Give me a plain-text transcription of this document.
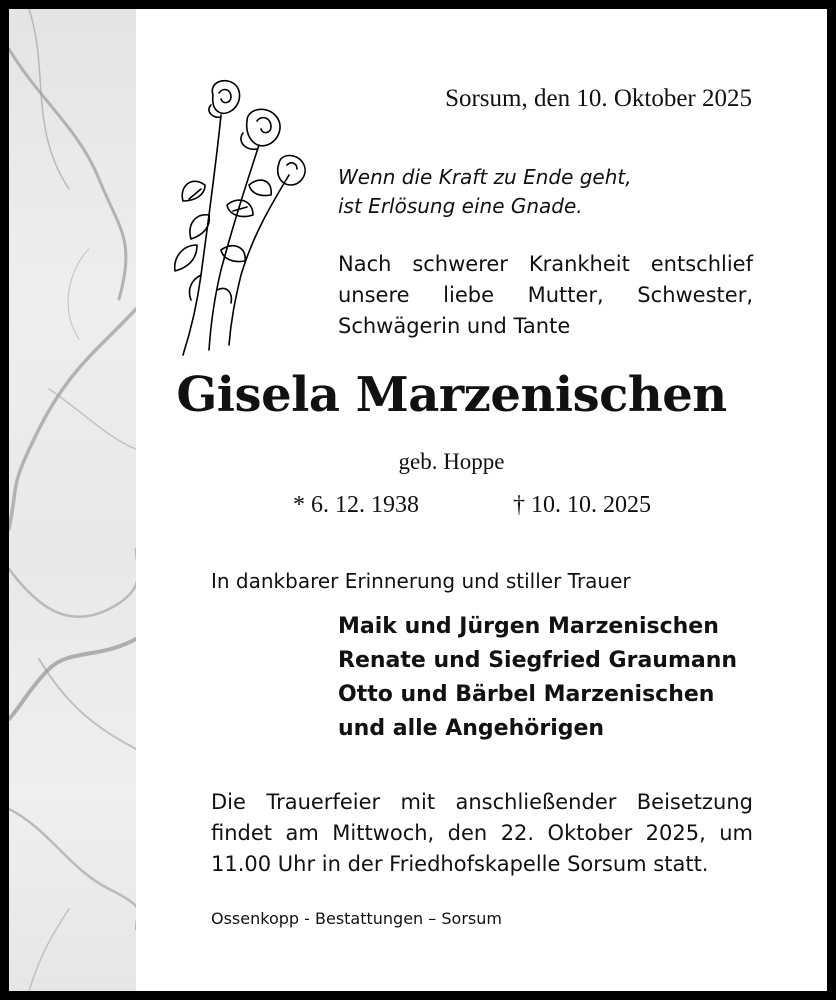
Sorsum, den 10. Oktober 2025
Wenn die Kraft zu Ende geht,
ist Erlösung eine Gnade.
Nach schwerer Krankheit entschlief
unsere liebe Mutter, Schwester,
Schwägerin und Tante
Gisela Marzenischen
geb. Hoppe
* 6. 12. 1938	† 10. 10. 2025
In dankbarer Erinnerung und stiller Trauer
Maik und Jürgen Marzenischen
Renate und Siegfried Graumann
Otto und Bärbel Marzenischen
und alle Angehörigen
Die Trauerfeier mit anschließender Beisetzung
findet am Mittwoch, den 22. Oktober 2025, um
11.00 Uhr in der Friedhofskapelle Sorsum statt.
Ossenkopp - Bestattungen – Sorsum
